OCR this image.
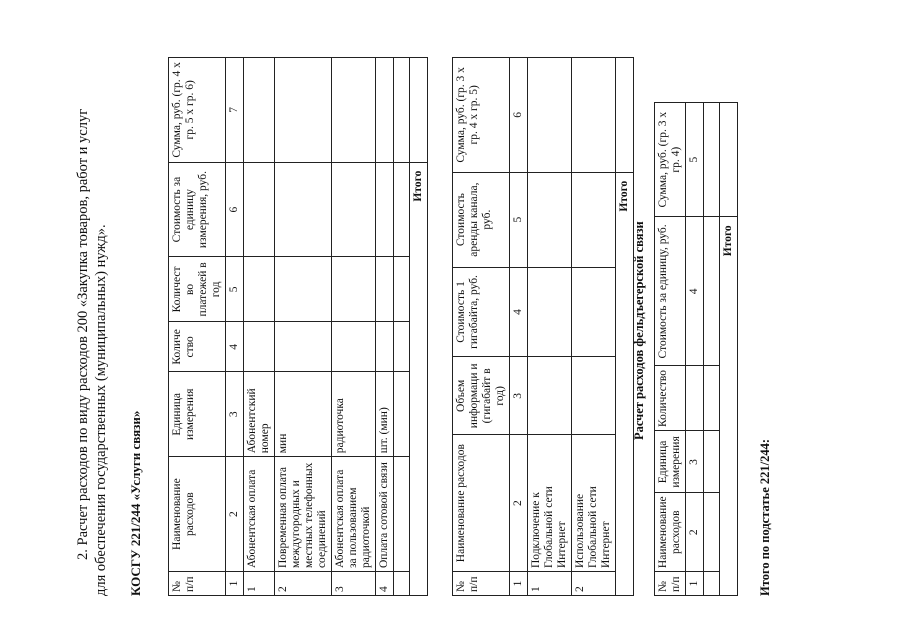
2. Расчет расходов по виду расходов 200 «Закупка товаров, работ и услуг для обеспечения государственных (муниципальных) нужд». КОСГУ 221/244 «Услуги связи» № п/п	Наименование расходов	Единица измерения	Количе ство	Количест во платежей в год	Стоимость за единицу измерения, руб.	Сумма, руб. (гр. 4 х гр. 5 х гр. 6)
1	2	3	4	5	6	7
1	Абонентская оплата	Абонентский номер				
2	Повременная оплата междугородных и местных телефонных соединений	мин				
3	Абонентская оплата за пользованием радиоточкой	радиоточка				
4	Оплата сотовой связи	шт. (мин)				

Итого						
№ п/п	Наименование расходов	Объем информаци и (гигабайт в год)	Стоимость 1 гигабайта, руб.	Стоимость аренды канала, руб.	Сумма, руб. (гр. 3 х гр. 4 х гр. 5)
1	2	3	4	5	6
1	Подключение к Глобальной сети Интернет				
2	Использование Глобальной сети Интернет				
Итого					
Расчет расходов фельдъегерской связи
№ п/п	Наименование расходов	Единица измерения	Количество	Стоимость за единицу, руб.	Сумма, руб. (гр. 3 х гр. 4)
1	2	3		4	5

Итого					
Итого по подстатье 221/244:
